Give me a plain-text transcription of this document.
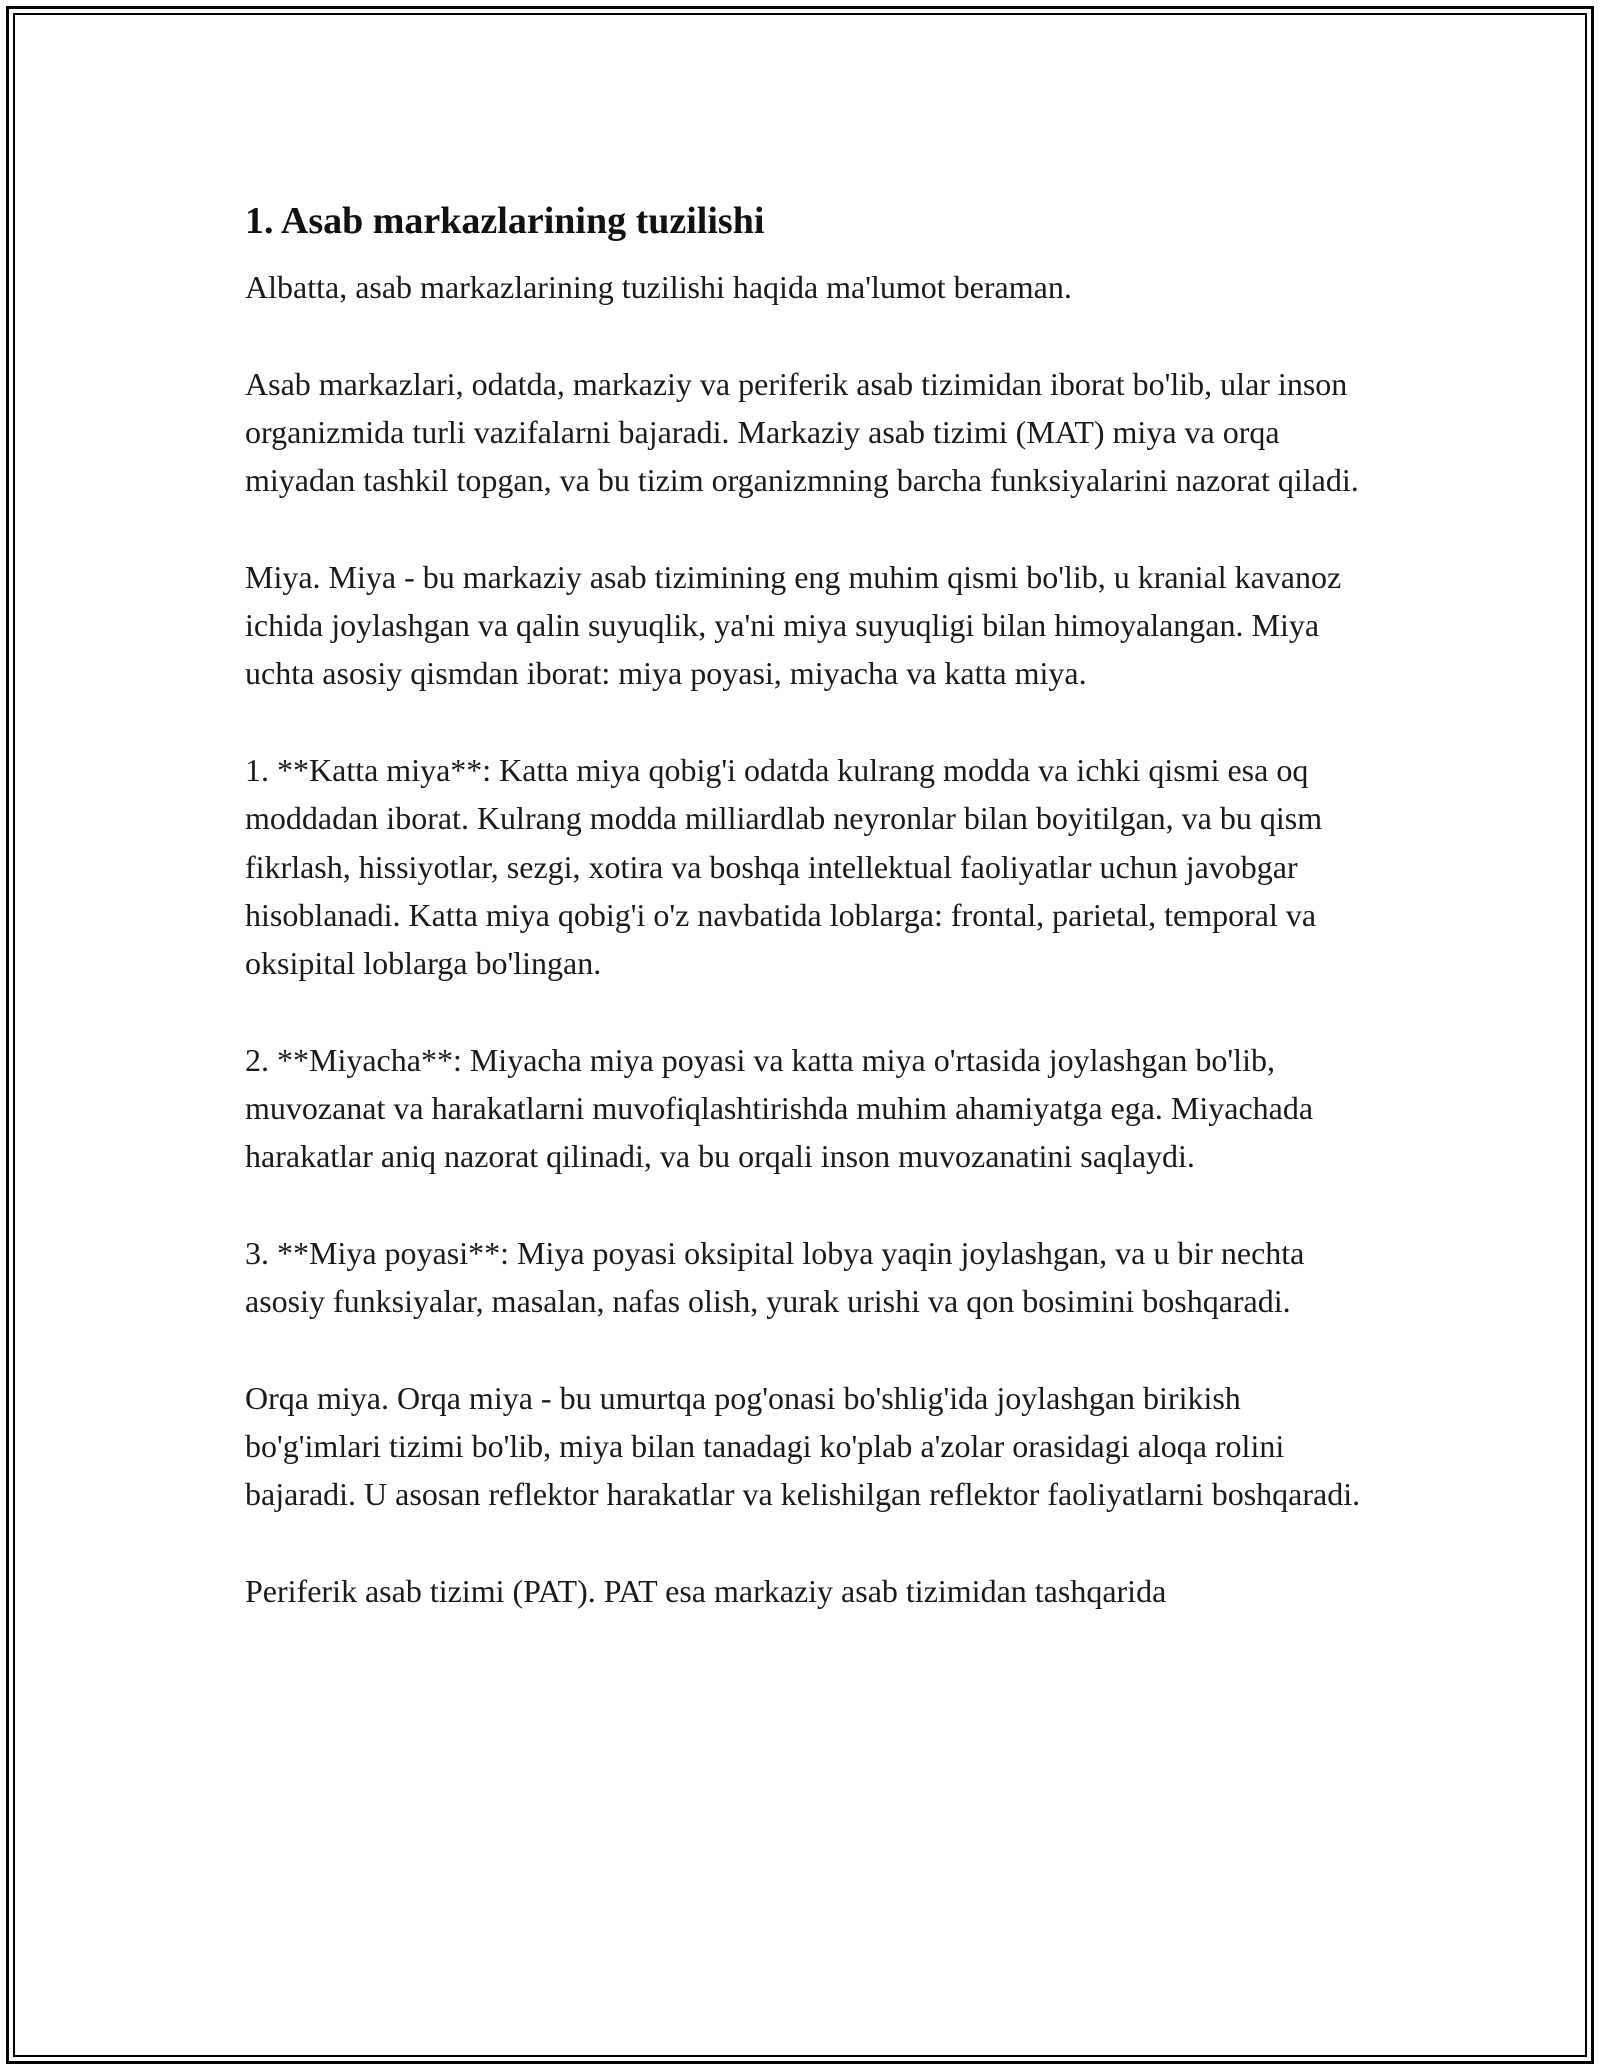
1. Asab markazlarining tuzilishi

Albatta, asab markazlarining tuzilishi haqida ma'lumot beraman.

Asab markazlari, odatda, markaziy va periferik asab tizimidan iborat bo'lib, ular inson organizmida turli vazifalarni bajaradi. Markaziy asab tizimi (MAT) miya va orqa miyadan tashkil topgan, va bu tizim organizmning barcha funksiyalarini nazorat qiladi.

Miya. Miya - bu markaziy asab tizimining eng muhim qismi bo'lib, u kranial kavanoz ichida joylashgan va qalin suyuqlik, ya'ni miya suyuqligi bilan himoyalangan. Miya uchta asosiy qismdan iborat: miya poyasi, miyacha va katta miya.

1. **Katta miya**: Katta miya qobig'i odatda kulrang modda va ichki qismi esa oq moddadan iborat. Kulrang modda milliardlab neyronlar bilan boyitilgan, va bu qism fikrlash, hissiyotlar, sezgi, xotira va boshqa intellektual faoliyatlar uchun javobgar hisoblanadi. Katta miya qobig'i o'z navbatida loblarga: frontal, parietal, temporal va oksipital loblarga bo'lingan.

2. **Miyacha**: Miyacha miya poyasi va katta miya o'rtasida joylashgan bo'lib, muvozanat va harakatlarni muvofiqlashtirishda muhim ahamiyatga ega. Miyachada harakatlar aniq nazorat qilinadi, va bu orqali inson muvozanatini saqlaydi.

3. **Miya poyasi**: Miya poyasi oksipital lobya yaqin joylashgan, va u bir nechta asosiy funksiyalar, masalan, nafas olish, yurak urishi va qon bosimini boshqaradi.

Orqa miya. Orqa miya - bu umurtqa pog'onasi bo'shlig'ida joylashgan birikish bo'g'imlari tizimi bo'lib, miya bilan tanadagi ko'plab a'zolar orasidagi aloqa rolini bajaradi. U asosan reflektor harakatlar va kelishilgan reflektor faoliyatlarni boshqaradi.

Periferik asab tizimi (PAT). PAT esa markaziy asab tizimidan tashqarida
